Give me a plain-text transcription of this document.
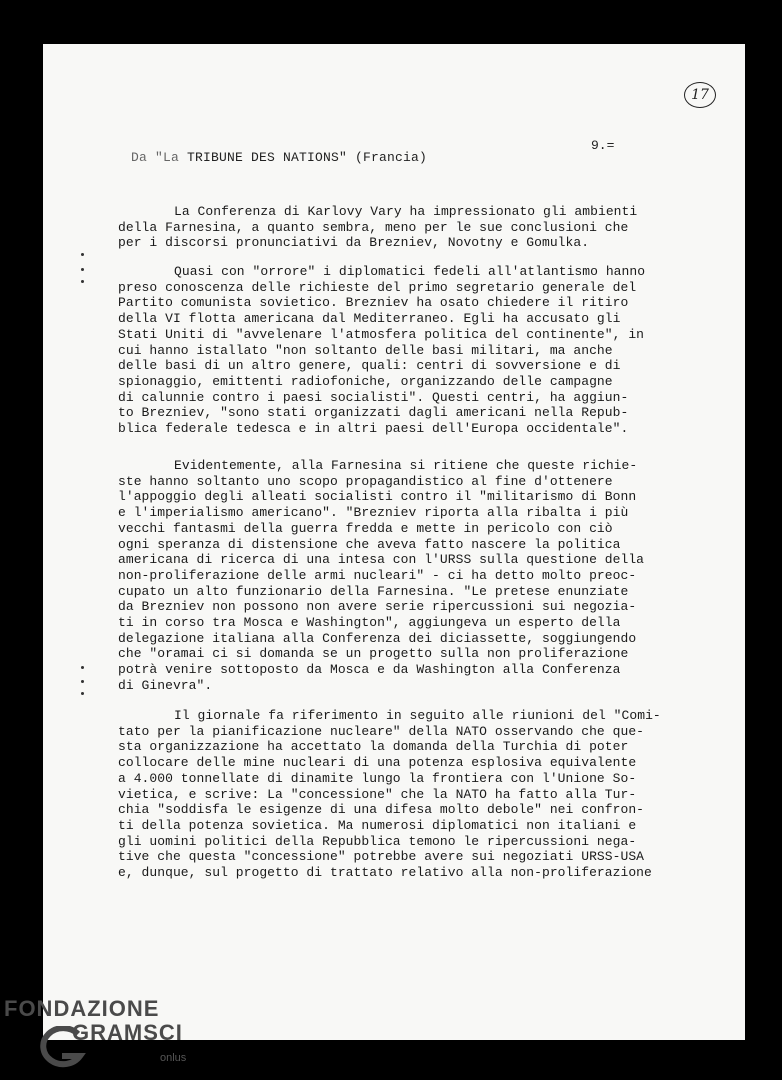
17
9.=
Da "La TRIBUNE DES NATIONS" (Francia)

La Conferenza di Karlovy Vary ha impressionato gli ambienti
della Farnesina, a quanto sembra, meno per le sue conclusioni che
per i discorsi pronunciativi da Brezniev, Novotny e Gomulka.

Quasi con "orrore" i diplomatici fedeli all'atlantismo hanno
preso conoscenza delle richieste del primo segretario generale del
Partito comunista sovietico. Brezniev ha osato chiedere il ritiro
della VI flotta americana dal Mediterraneo. Egli ha accusato gli
Stati Uniti di "avvelenare l'atmosfera politica del continente", in
cui hanno istallato "non soltanto delle basi militari, ma anche
delle basi di un altro genere, quali: centri di sovversione e di
spionaggio, emittenti radiofoniche, organizzando delle campagne
di calunnie contro i paesi socialisti". Questi centri, ha aggiun-
to Brezniev, "sono stati organizzati dagli americani nella Repub-
blica federale tedesca e in altri paesi dell'Europa occidentale".

Evidentemente, alla Farnesina si ritiene che queste richie-
ste hanno soltanto uno scopo propagandistico al fine d'ottenere
l'appoggio degli alleati socialisti contro il "militarismo di Bonn
e l'imperialismo americano". "Brezniev riporta alla ribalta i più
vecchi fantasmi della guerra fredda e mette in pericolo con ciò
ogni speranza di distensione che aveva fatto nascere la politica
americana di ricerca di una intesa con l'URSS sulla questione della
non-proliferazione delle armi nucleari" - ci ha detto molto preoc-
cupato un alto funzionario della Farnesina. "Le pretese enunziate
da Brezniev non possono non avere serie ripercussioni sui negozia-
ti in corso tra Mosca e Washington", aggiungeva un esperto della
delegazione italiana alla Conferenza dei diciassette, soggiungendo
che "oramai ci si domanda se un progetto sulla non proliferazione
potrà venire sottoposto da Mosca e da Washington alla Conferenza
di Ginevra".

Il giornale fa riferimento in seguito alle riunioni del "Comi-
tato per la pianificazione nucleare" della NATO osservando che que-
sta organizzazione ha accettato la domanda della Turchia di poter
collocare delle mine nucleari di una potenza esplosiva equivalente
a 4.000 tonnellate di dinamite lungo la frontiera con l'Unione So-
vietica, e scrive: La "concessione" che la NATO ha fatto alla Tur-
chia "soddisfa le esigenze di una difesa molto debole" nei confron-
ti della potenza sovietica. Ma numerosi diplomatici non italiani e
gli uomini politici della Repubblica temono le ripercussioni nega-
tive che questa "concessione" potrebbe avere sui negoziati URSS-USA
e, dunque, sul progetto di trattato relativo alla non-proliferazione

FONDAZIONE
GRAMSCI
onlus
